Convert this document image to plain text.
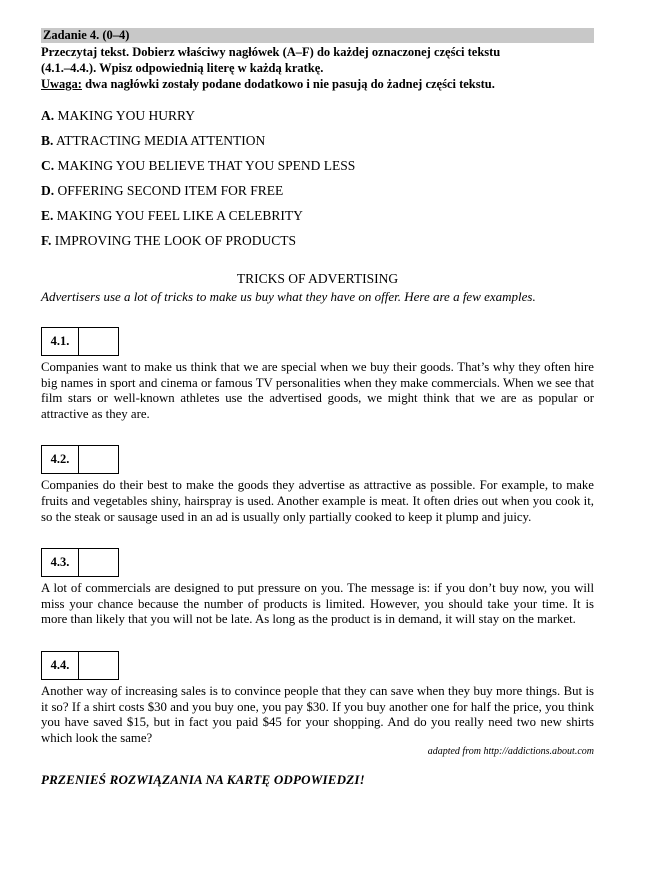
Zadanie 4. (0–4)
Przeczytaj tekst. Dobierz właściwy nagłówek (A–F) do każdej oznaczonej części tekstu
(4.1.–4.4.). Wpisz odpowiednią literę w każdą kratkę.
Uwaga: dwa nagłówki zostały podane dodatkowo i nie pasują do żadnej części tekstu.
A. MAKING YOU HURRY
B. ATTRACTING MEDIA ATTENTION
C. MAKING YOU BELIEVE THAT YOU SPEND LESS
D. OFFERING SECOND ITEM FOR FREE
E. MAKING YOU FEEL LIKE A CELEBRITY
F. IMPROVING THE LOOK OF PRODUCTS
TRICKS OF ADVERTISING
Advertisers use a lot of tricks to make us buy what they have on offer. Here are a few examples.
4.1.
Companies want to make us think that we are special when we buy their goods. That’s why they often hire big names in sport and cinema or famous TV personalities when they make commercials. When we see that film stars or well-known athletes use the advertised goods, we might think that we are as popular or attractive as they are.
4.2.
Companies do their best to make the goods they advertise as attractive as possible. For example, to make fruits and vegetables shiny, hairspray is used. Another example is meat. It often dries out when you cook it, so the steak or sausage used in an ad is usually only partially cooked to keep it plump and juicy.
4.3.
A lot of commercials are designed to put pressure on you. The message is: if you don’t buy now, you will miss your chance because the number of products is limited. However, you should take your time. It is more than likely that you will not be late. As long as the product is in demand, it will stay on the market.
4.4.
Another way of increasing sales is to convince people that they can save when they buy more things. But is it so? If a shirt costs $30 and you buy one, you pay $30. If you buy another one for half the price, you think you have saved $15, but in fact you paid $45 for your shopping. And do you really need two new shirts which look the same?
adapted from http://addictions.about.com
PRZENIEŚ ROZWIĄZANIA NA KARTĘ ODPOWIEDZI!
